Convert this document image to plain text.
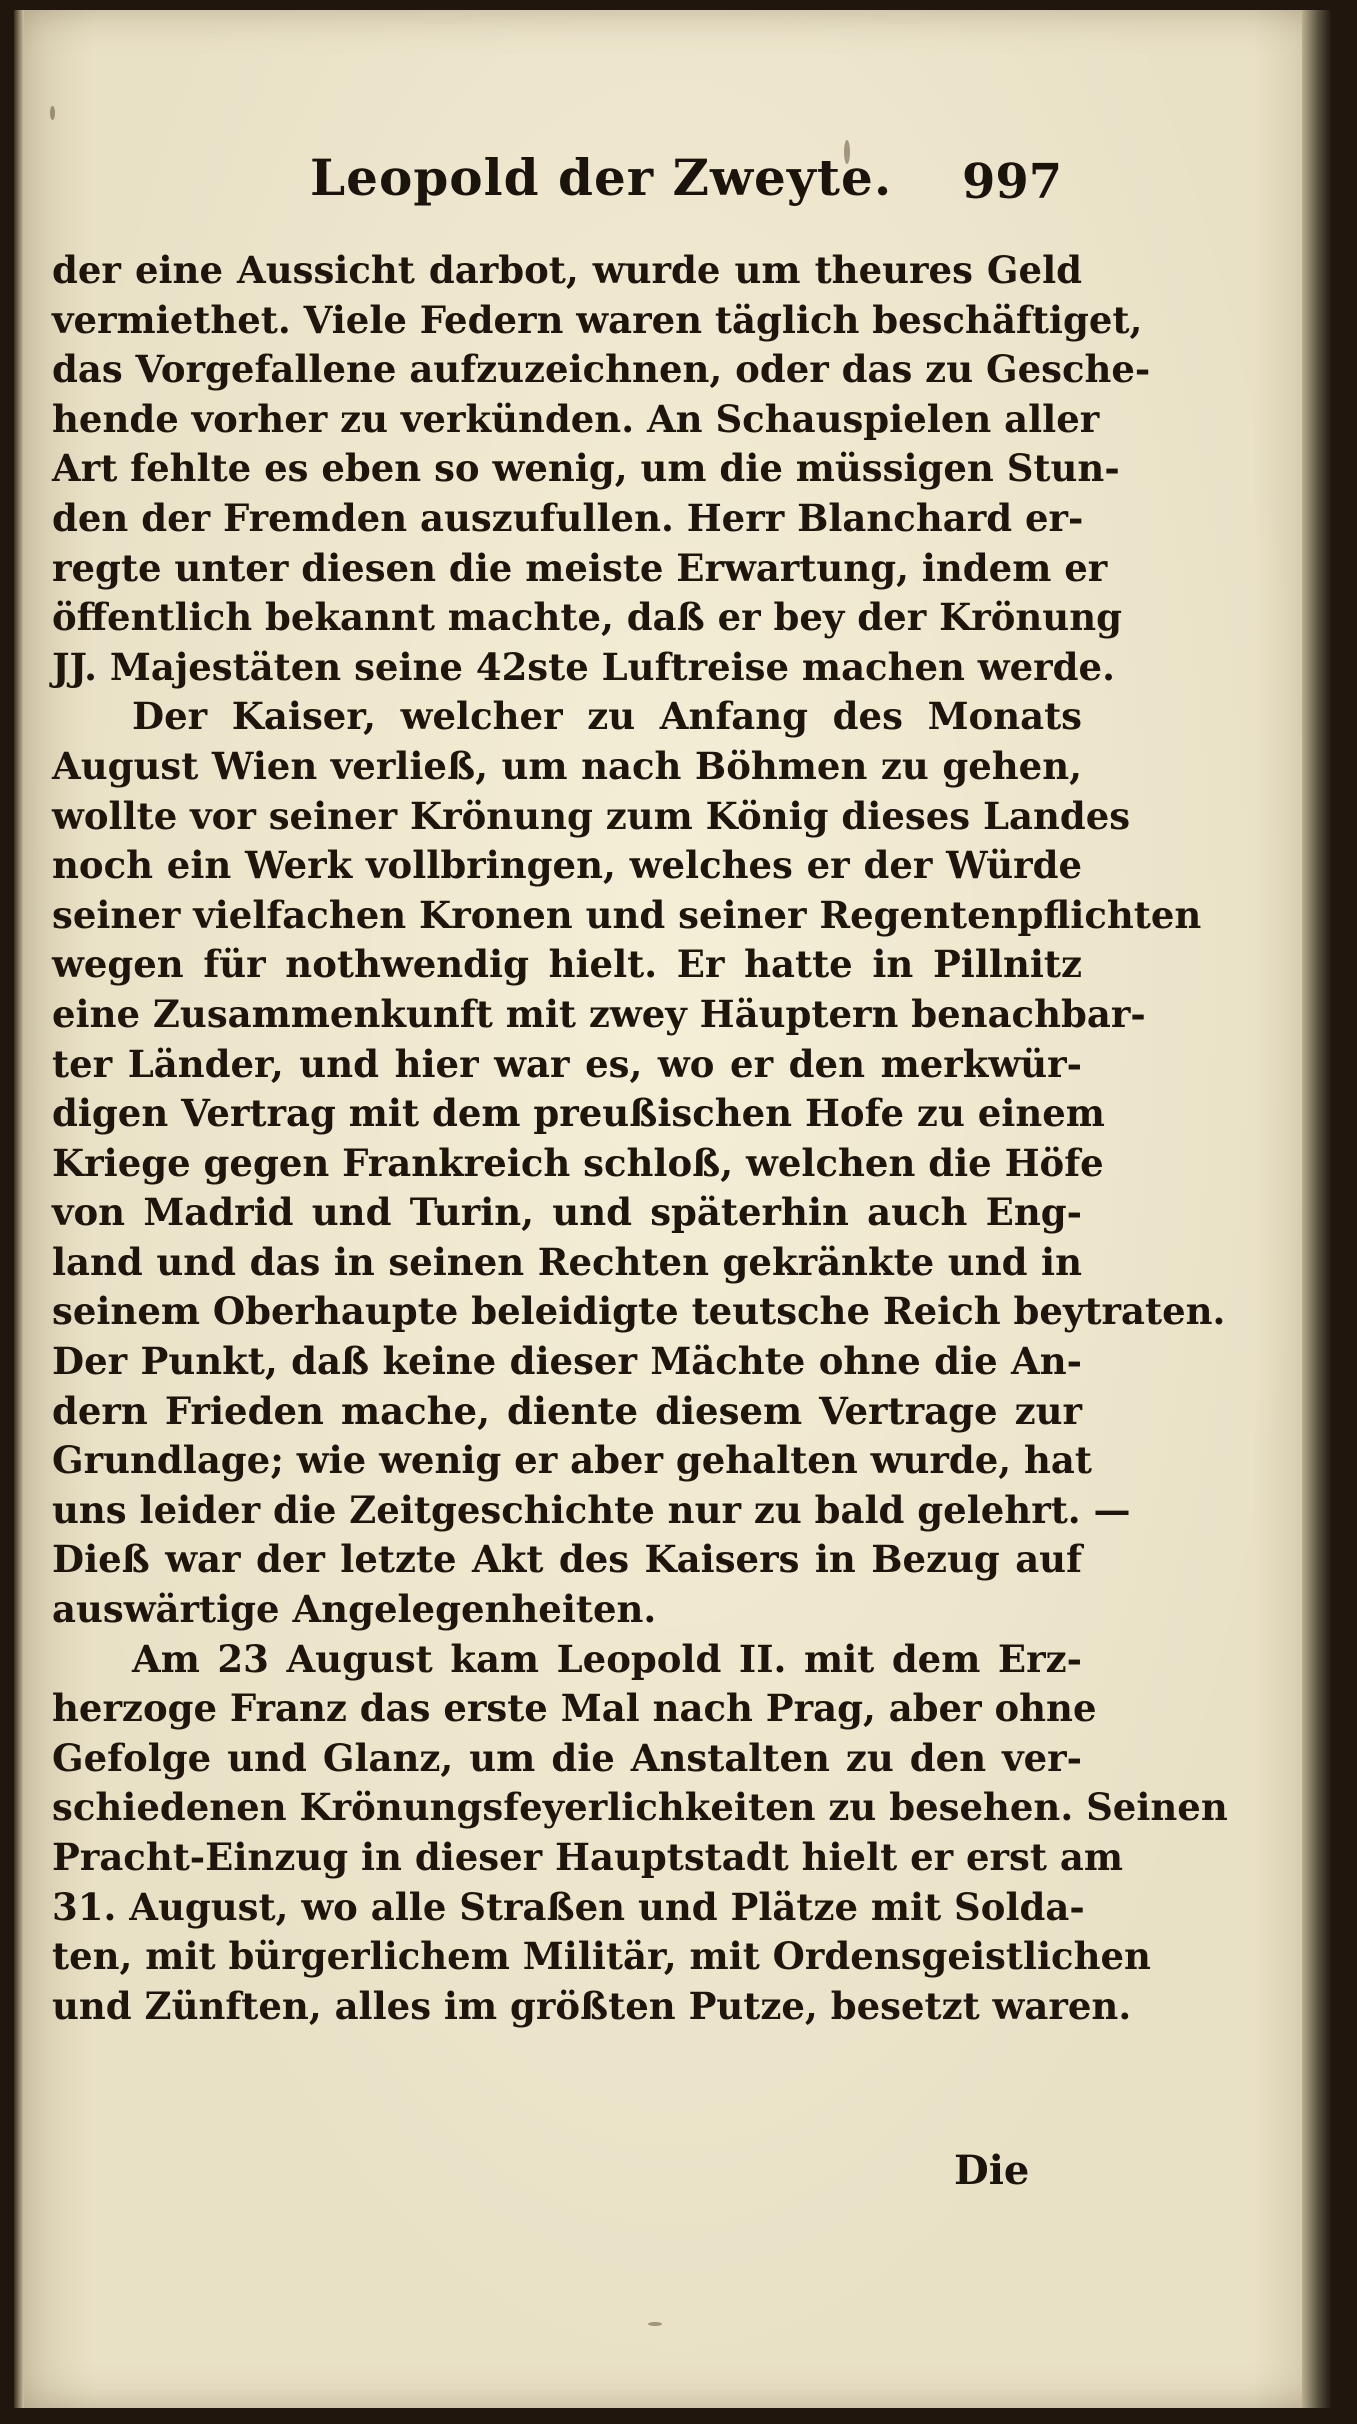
Leopold der Zweyte. 997
der eine Aussicht darbot, wurde um theures Geld
vermiethet. Viele Federn waren täglich beschäftiget,
das Vorgefallene aufzuzeichnen, oder das zu Gesche-
hende vorher zu verkünden. An Schauspielen aller
Art fehlte es eben so wenig, um die müssigen Stun-
den der Fremden auszufullen. Herr Blanchard er-
regte unter diesen die meiste Erwartung, indem er
öffentlich bekannt machte, daß er bey der Krönung
JJ. Majestäten seine 42ste Luftreise machen werde.
Der Kaiser, welcher zu Anfang des Monats
August Wien verließ, um nach Böhmen zu gehen,
wollte vor seiner Krönung zum König dieses Landes
noch ein Werk vollbringen, welches er der Würde
seiner vielfachen Kronen und seiner Regentenpflichten
wegen für nothwendig hielt. Er hatte in Pillnitz
eine Zusammenkunft mit zwey Häuptern benachbar-
ter Länder, und hier war es, wo er den merkwür-
digen Vertrag mit dem preußischen Hofe zu einem
Kriege gegen Frankreich schloß, welchen die Höfe
von Madrid und Turin, und späterhin auch Eng-
land und das in seinen Rechten gekränkte und in
seinem Oberhaupte beleidigte teutsche Reich beytraten.
Der Punkt, daß keine dieser Mächte ohne die An-
dern Frieden mache, diente diesem Vertrage zur
Grundlage; wie wenig er aber gehalten wurde, hat
uns leider die Zeitgeschichte nur zu bald gelehrt. —
Dieß war der letzte Akt des Kaisers in Bezug auf
auswärtige Angelegenheiten.
Am 23 August kam Leopold II. mit dem Erz-
herzoge Franz das erste Mal nach Prag, aber ohne
Gefolge und Glanz, um die Anstalten zu den ver-
schiedenen Krönungsfeyerlichkeiten zu besehen. Seinen
Pracht-Einzug in dieser Hauptstadt hielt er erst am
31. August, wo alle Straßen und Plätze mit Solda-
ten, mit bürgerlichem Militär, mit Ordensgeistlichen
und Zünften, alles im größten Putze, besetzt waren.
Die
